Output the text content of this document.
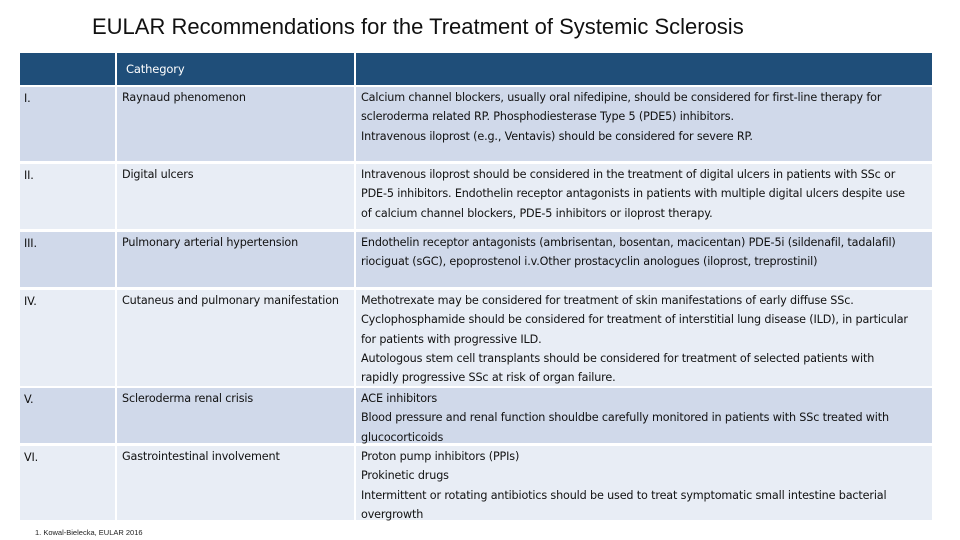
EULAR Recommendations for the Treatment of Systemic Sclerosis
Cathegory
I.	Raynaud phenomenon	Calcium channel blockers, usually oral nifedipine, should be considered for first-line therapy for
scleroderma related RP. Phosphodiesterase Type 5 (PDE5) inhibitors.
Intravenous iloprost (e.g., Ventavis) should be considered for severe RP.
II.	Digital ulcers	Intravenous iloprost should be considered in the treatment of digital ulcers in patients with SSc or
PDE-5 inhibitors. Endothelin receptor antagonists in patients with multiple digital ulcers despite use
of calcium channel blockers, PDE-5 inhibitors or iloprost therapy.
III.	Pulmonary arterial hypertension	Endothelin receptor antagonists (ambrisentan, bosentan, macicentan) PDE-5i (sildenafil, tadalafil)
riociguat (sGC), epoprostenol i.v.Other prostacyclin anologues (iloprost, treprostinil)
IV.	Cutaneus and pulmonary manifestation	Methotrexate may be considered for treatment of skin manifestations of early diffuse SSc.
Cyclophosphamide should be considered for treatment of interstitial lung disease (ILD), in particular
for patients with progressive ILD.
Autologous stem cell transplants should be considered for treatment of selected patients with
rapidly progressive SSc at risk of organ failure.
V.	Scleroderma renal crisis	ACE inhibitors
Blood pressure and renal function shouldbe carefully monitored in patients with SSc treated with
glucocorticoids
VI.	Gastrointestinal involvement	Proton pump inhibitors (PPIs)
Prokinetic drugs
Intermittent or rotating antibiotics should be used to treat symptomatic small intestine bacterial
overgrowth
1. Kowal-Bielecka, EULAR 2016
